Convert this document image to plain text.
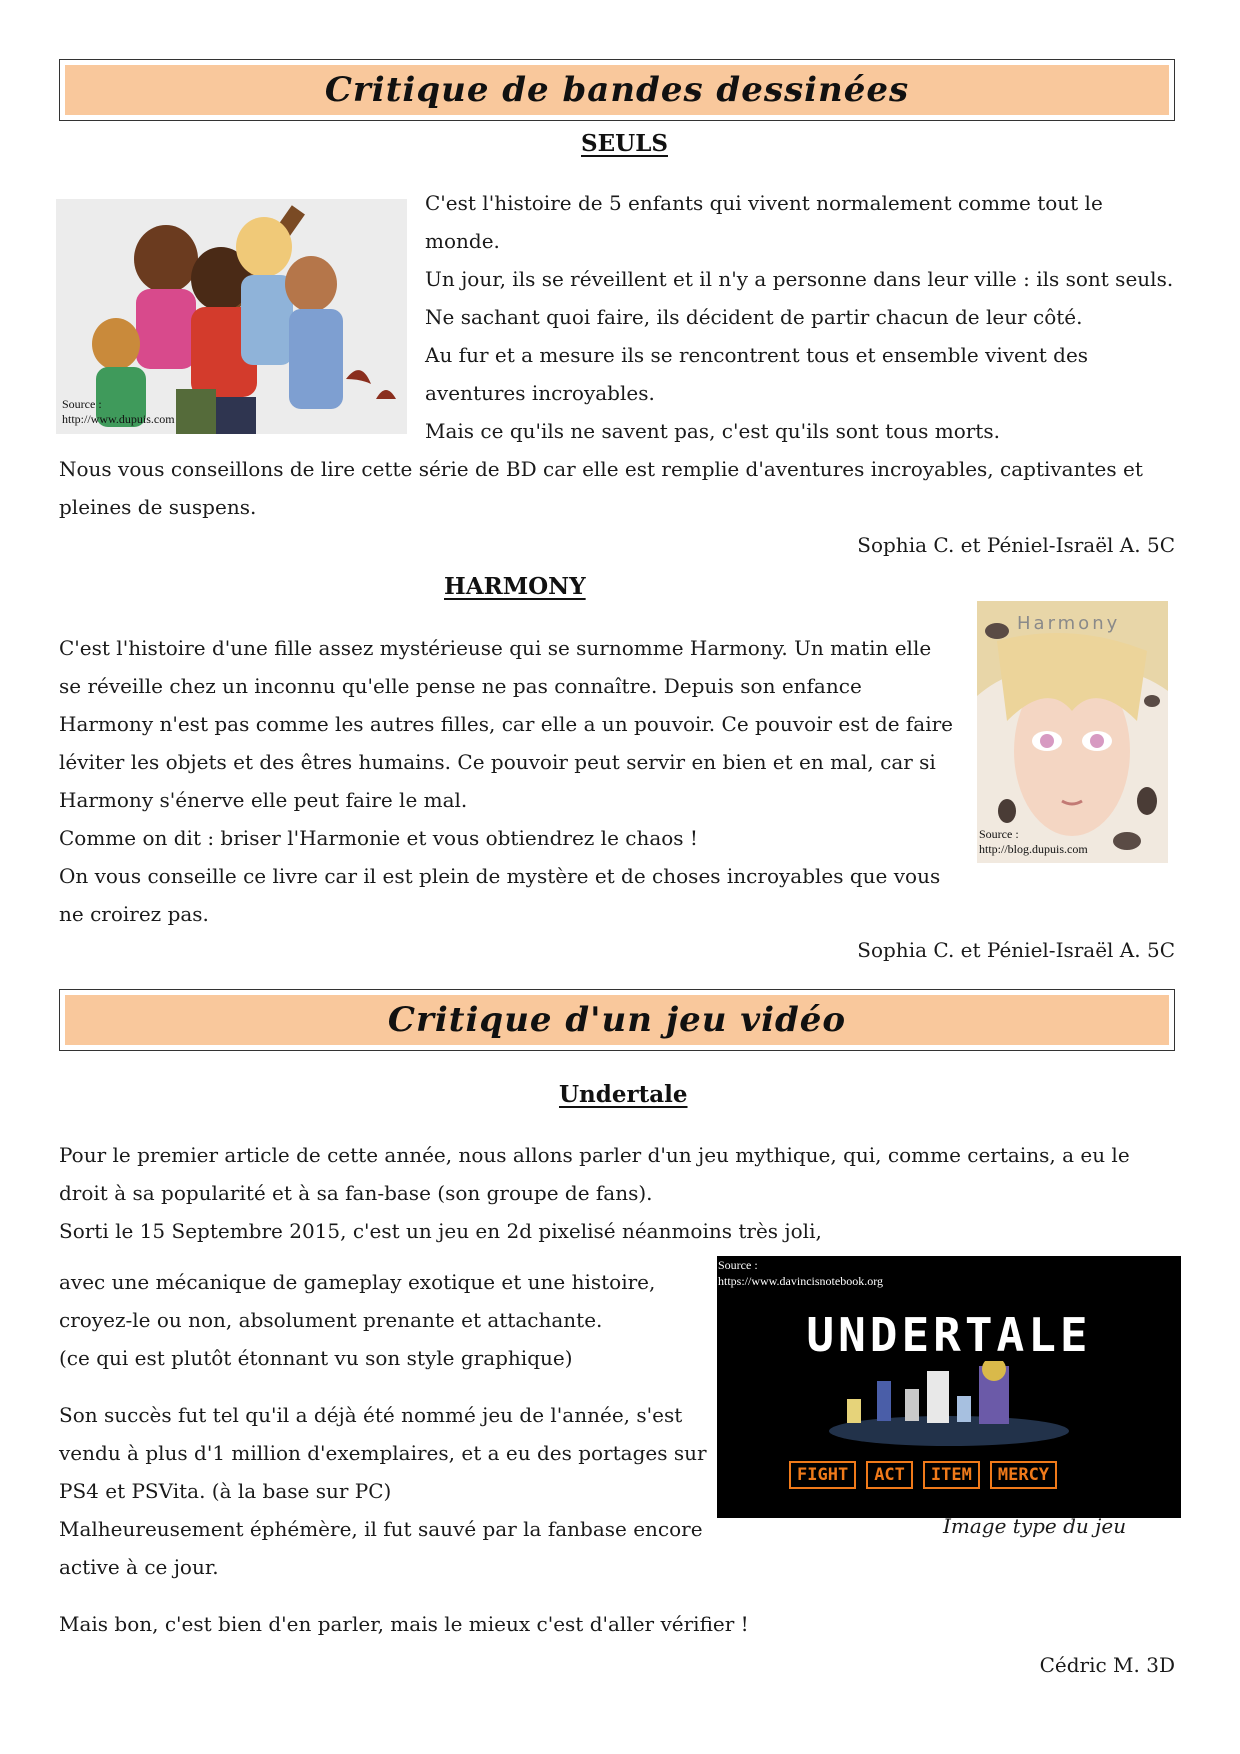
Critique de bandes dessinées
SEULS
Source :
http://www.dupuis.com

C'est l'histoire de 5 enfants qui vivent normalement comme tout le monde.

Un jour, ils se réveillent et il n'y a personne dans leur ville : ils sont seuls.

Ne sachant quoi faire, ils décident de partir chacun de leur côté.

Au fur et a mesure ils se rencontrent tous et ensemble vivent des aventures incroyables.

Mais ce qu'ils ne savent pas, c'est qu'ils sont tous morts.

Nous vous conseillons de lire cette série de BD car elle est remplie d'aventures incroyables, captivantes et pleines de suspens.
Sophia C. et Péniel-Israël A. 5C
HARMONY
Harmony
Source :
http://blog.dupuis.com

C'est l'histoire d'une fille assez mystérieuse qui se surnomme Harmony. Un matin elle se réveille chez un inconnu qu'elle pense ne pas connaître. Depuis son enfance Harmony n'est pas comme les autres filles, car elle a un pouvoir. Ce pouvoir est de faire léviter les objets et des êtres humains. Ce pouvoir peut servir en bien et en mal, car si Harmony s'énerve elle peut faire le mal.

Comme on dit : briser l'Harmonie et vous obtiendrez le chaos !

On vous conseille ce livre car il est plein de mystère et de choses incroyables que vous ne croirez pas.

Sophia C. et Péniel-Israël A. 5C
Critique d'un jeu vidéo
Undertale
Pour le premier article de cette année, nous allons parler d'un jeu mythique, qui, comme certains, a eu le droit à sa popularité et à sa fan-base (son groupe de fans).
Sorti le 15 Septembre 2015, c'est un jeu en 2d pixelisé néanmoins très joli,

avec une mécanique de gameplay exotique et une histoire, croyez-le ou non, absolument prenante et attachante.

(ce qui est plutôt étonnant vu son style graphique)

Son succès fut tel qu'il a déjà été nommé jeu de l'année, s'est vendu à plus d'1 million d'exemplaires, et a eu des portages sur PS4 et PSVita. (à la base sur PC)

Malheureusement éphémère, il fut sauvé par la fanbase encore active à ce jour.

Mais bon, c'est bien d'en parler, mais le mieux c'est d'aller vérifier !
Cédric M. 3D
Source :
https://www.davincisnotebook.org
UNDERTALE
FIGHT	ACT	ITEM	MERCY
Image type du jeu
